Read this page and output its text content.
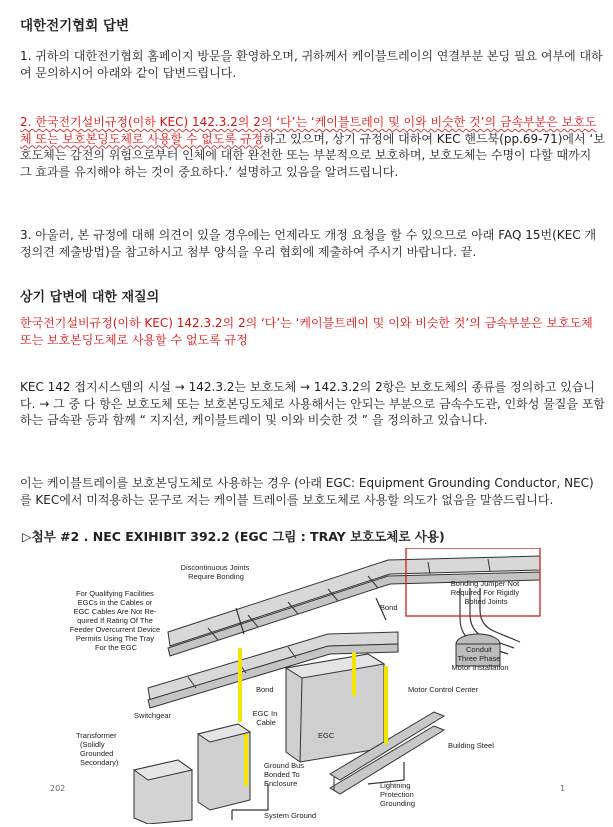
대한전기협회 답변
1. 귀하의 대한전기협회 홈페이지 방문을 환영하오며, 귀하께서 케이블트레이의 연결부분 본딩 필요 여부에 대하여 문의하시어 아래와 같이 답변드립니다.
2. 한국전기설비규정(이하 KEC) 142.3.2의 2의 ‘다’는 ‘케이블트레이 및 이와 비슷한 것’의 금속부분은 보호도체 또는 보호본딩도체로 사용할 수 없도록 규정하고 있으며, 상기 규정에 대하여 KEC 핸드북(pp.69-71)에서 ‘보호도체는 감전의 위험으로부터 인체에 대한 완전한 또는 부분적으로 보호하며, 보호도체는 수명이 다할 때까지 그 효과를 유지해야 하는 것이 중요하다.’ 설명하고 있음을 알려드립니다.
3. 아울러, 본 규정에 대해 의견이 있을 경우에는 언제라도 개정 요청을 할 수 있으므로 아래 FAQ 15번(KEC 개정의견 제출방법)을 참고하시고 첨부 양식을 우리 협회에 제출하여 주시기 바랍니다. 끝.
상기 답변에 대한 재질의
한국전기설비규정(이하 KEC) 142.3.2의 2의 ‘다’는 ‘케이블트레이 및 이와 비슷한 것’의 금속부분은 보호도체 또는 보호본딩도체로 사용할 수 없도록 규정
KEC 142 접지시스템의 시설 → 142.3.2는 보호도체 → 142.3.2의 2항은 보호도체의 종류를 정의하고 있습니다. → 그 중 다 항은 보호도체 또는 보호본딩도체로 사용해서는 안되는 부분으로 금속수도관, 인화성 물질을 포함하는 금속관 등과 함께 “ 지지선, 케이블트레이 및 이와 비슷한 것 ” 을 정의하고 있습니다.
이는 케이블트레이를 보호본딩도체로 사용하는 경우 (아래 EGC: Equipment Grounding Conductor, NEC) 를 KEC에서 미적용하는 문구로 저는 케이블 트레이를 보호도체로 사용할 의도가 없음을 말씀드립니다.
▷첨부 #2 . NEC EXIHIBIT 392.2 (EGC 그림 : TRAY 보호도체로 사용)
Discontinuous Joints Require Bonding
For Qualifying Facilities EGCs in the Cables or EGC Cables Are Not Re- quired If Rating Of The Feeder Overcurrent Device Permits Using The Tray For the EGC
Bonding Jumper Not Required For Rigidly Bolted Joints
Bond
Conduit Three Phase Motor Installation
Bond	Motor Control Center
Switchgear	EGC In Cable
EGC
Transformer (Solidly Grounded Secondary)
Building Steel
Ground Bus Bonded To Enclosure	Lightning Protection Grounding
System Ground
202	1
